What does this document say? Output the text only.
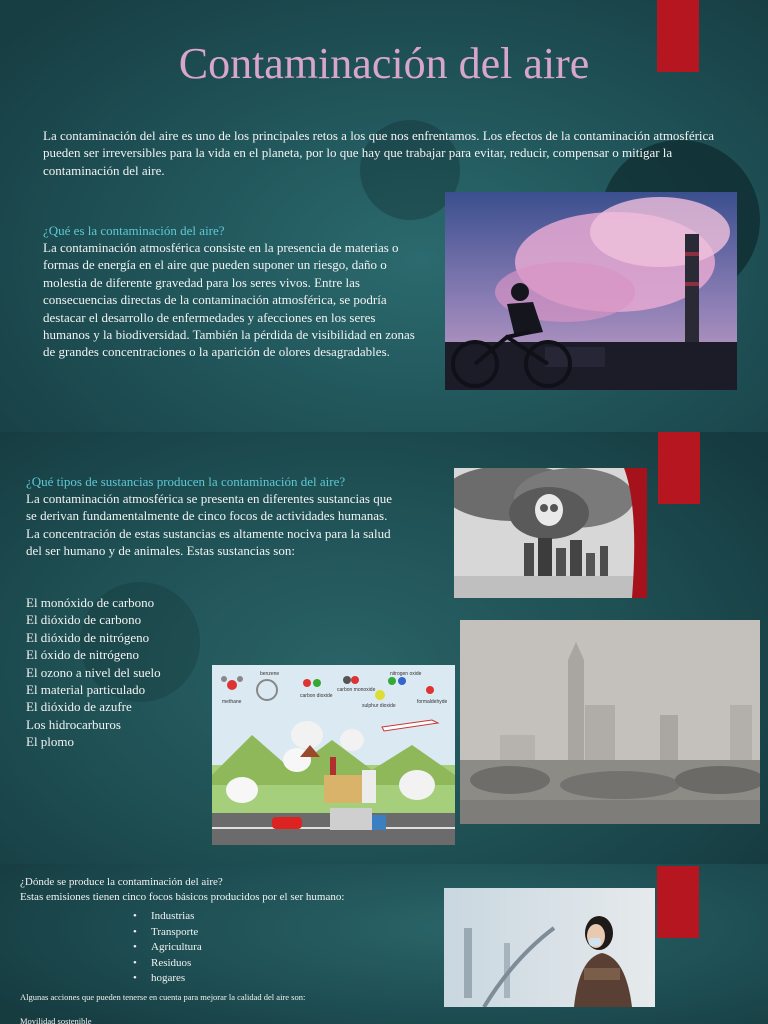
Contaminación del aire

La contaminación del aire es uno de los principales retos a los que nos enfrentamos. Los efectos de la contaminación atmosférica pueden ser irreversibles para la vida en el planeta, por lo que hay que trabajar para evitar, reducir, compensar o mitigar la contaminación del aire.

¿Qué es la contaminación del aire?

La contaminación atmosférica consiste en la presencia de materias o formas de energía en el aire que pueden suponer un riesgo, daño o molestia de diferente gravedad para los seres vivos. Entre las consecuencias directas de la contaminación atmosférica, se podría destacar el desarrollo de enfermedades y afecciones en los seres humanos y la biodiversidad. También la pérdida de visibilidad en zonas de grandes concentraciones o la aparición de olores desagradables.

¿Qué tipos de sustancias producen la contaminación del aire?

La contaminación atmosférica se presenta en diferentes sustancias que se derivan fundamentalmente de cinco focos de actividades humanas. La concentración de estas sustancias es altamente nociva para la salud del ser humano y de animales. Estas sustancias son:

El monóxido de carbono

El dióxido de carbono

El dióxido de nitrógeno

El óxido de nitrógeno

El ozono a nivel del suelo

El material particulado

El dióxido de azufre

Los hidrocarburos

El plomo

methane
benzene
carbon dioxide
carbon monoxide
sulphur dioxide
nitrogen oxide
formaldehyde

¿Dónde se produce la contaminación del aire?

Estas emisiones tienen cinco focos básicos producidos por el ser humano:

• Industrias
• Transporte
• Agricultura
• Residuos
• hogares
Algunas acciones que pueden tenerse en cuenta para mejorar la calidad del aire son:
Movilidad sostenible
